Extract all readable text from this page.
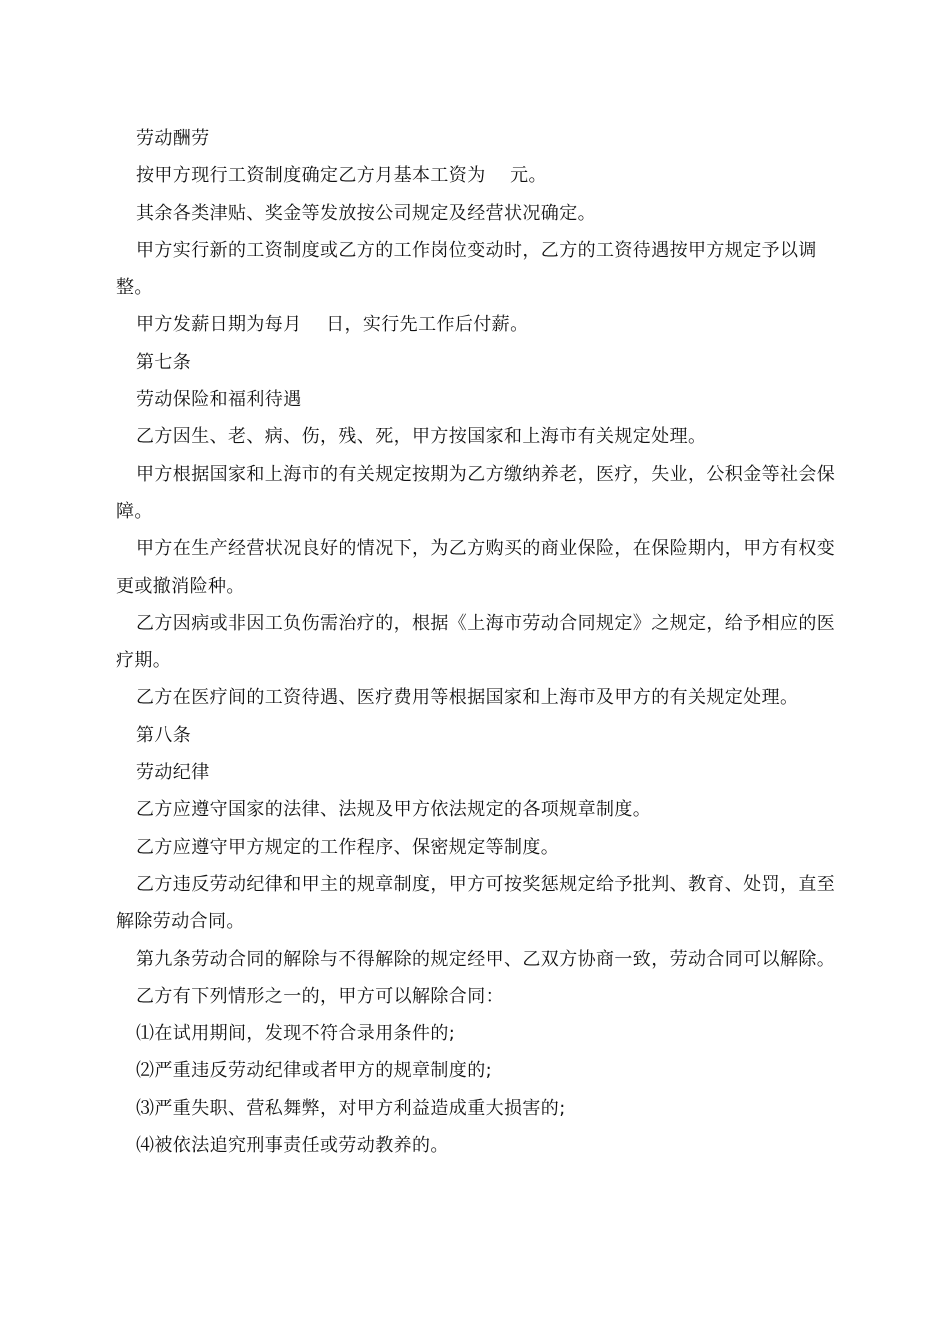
劳动酬劳

按甲方现行工资制度确定乙方月基本工资为    元。

其余各类津贴、奖金等发放按公司规定及经营状况确定。

甲方实行新的工资制度或乙方的工作岗位变动时，乙方的工资待遇按甲方规定予以调整。

甲方发薪日期为每月    日，实行先工作后付薪。

第七条

劳动保险和福利待遇

乙方因生、老、病、伤，残、死，甲方按国家和上海市有关规定处理。

甲方根据国家和上海市的有关规定按期为乙方缴纳养老，医疗，失业，公积金等社会保障。

甲方在生产经营状况良好的情况下，为乙方购买的商业保险，在保险期内，甲方有权变更或撤消险种。

乙方因病或非因工负伤需治疗的，根据《上海市劳动合同规定》之规定，给予相应的医疗期。

乙方在医疗间的工资待遇、医疗费用等根据国家和上海市及甲方的有关规定处理。

第八条

劳动纪律

乙方应遵守国家的法律、法规及甲方依法规定的各项规章制度。

乙方应遵守甲方规定的工作程序、保密规定等制度。

乙方违反劳动纪律和甲主的规章制度，甲方可按奖惩规定给予批判、教育、处罚，直至解除劳动合同。

第九条劳动合同的解除与不得解除的规定经甲、乙双方协商一致，劳动合同可以解除。

乙方有下列情形之一的，甲方可以解除合同：

⑴在试用期间，发现不符合录用条件的;

⑵严重违反劳动纪律或者甲方的规章制度的;

⑶严重失职、营私舞弊，对甲方利益造成重大损害的;

⑷被依法追究刑事责任或劳动教养的。
